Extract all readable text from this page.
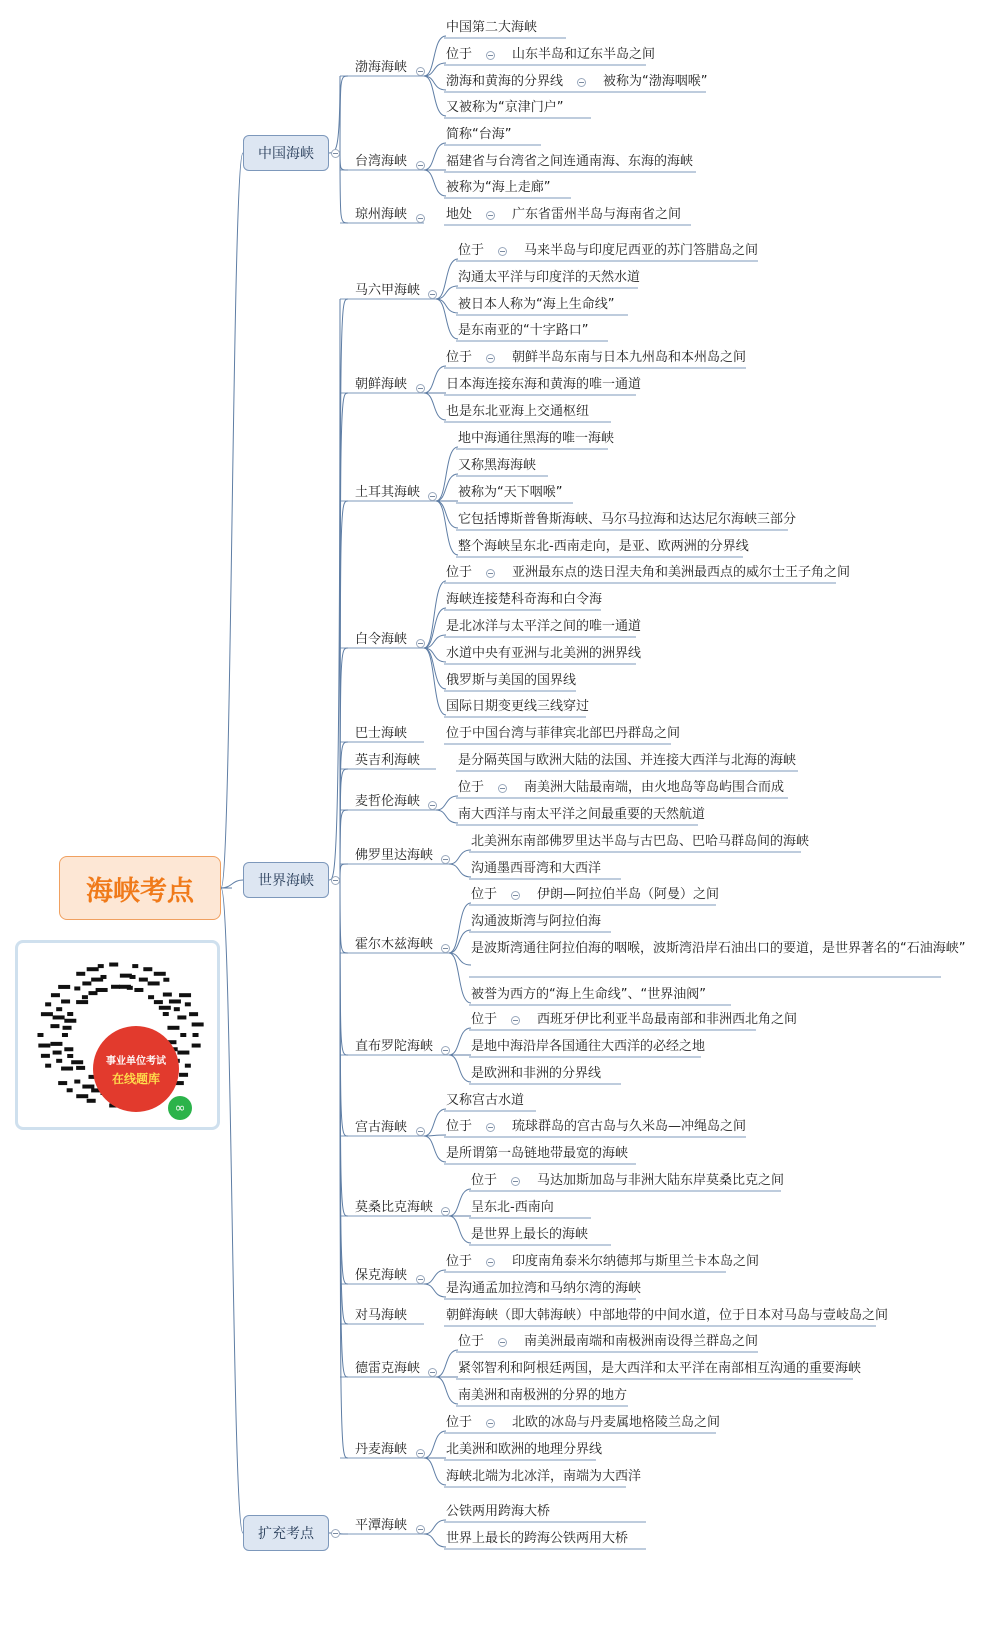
海峡考点
事业单位考试
在线题库
∞
中国海峡
渤海海峡
中国第二大海峡
位于	山东半岛和辽东半岛之间
渤海和黄海的分界线	被称为“渤海咽喉”
又被称为“京津门户”
台湾海峡
简称“台海”
福建省与台湾省之间连通南海、东海的海峡
被称为“海上走廊”
琼州海峡	地处	广东省雷州半岛与海南省之间
世界海峡
马六甲海峡
位于	马来半岛与印度尼西亚的苏门答腊岛之间
沟通太平洋与印度洋的天然水道
被日本人称为“海上生命线”
是东南亚的“十字路口”
朝鲜海峡
位于	朝鲜半岛东南与日本九州岛和本州岛之间
日本海连接东海和黄海的唯一通道
也是东北亚海上交通枢纽
土耳其海峡
地中海通往黑海的唯一海峡
又称黑海海峡
被称为“天下咽喉”
它包括博斯普鲁斯海峡、马尔马拉海和达达尼尔海峡三部分
整个海峡呈东北-西南走向，是亚、欧两洲的分界线
白令海峡
位于	亚洲最东点的迭日涅夫角和美洲最西点的威尔士王子角之间
海峡连接楚科奇海和白令海
是北冰洋与太平洋之间的唯一通道
水道中央有亚洲与北美洲的洲界线
俄罗斯与美国的国界线
国际日期变更线三线穿过
巴士海峡	位于中国台湾与菲律宾北部巴丹群岛之间
英吉利海峡	是分隔英国与欧洲大陆的法国、并连接大西洋与北海的海峡
麦哲伦海峡
位于	南美洲大陆最南端，由火地岛等岛屿围合而成
南大西洋与南太平洋之间最重要的天然航道
佛罗里达海峡
北美洲东南部佛罗里达半岛与古巴岛、巴哈马群岛间的海峡
沟通墨西哥湾和大西洋
霍尔木兹海峡
位于	伊朗—阿拉伯半岛（阿曼）之间
沟通波斯湾与阿拉伯海
是波斯湾通往阿拉伯海的咽喉，波斯湾沿岸石油出口的要道，是世界著名的“石油海峡”
被誉为西方的“海上生命线”、“世界油阀”
直布罗陀海峡
位于	西班牙伊比利亚半岛最南部和非洲西北角之间
是地中海沿岸各国通往大西洋的必经之地
是欧洲和非洲的分界线
宫古海峡
又称宫古水道
位于	琉球群岛的宫古岛与久米岛—冲绳岛之间
是所谓第一岛链地带最宽的海峡
莫桑比克海峡
位于	马达加斯加岛与非洲大陆东岸莫桑比克之间
呈东北-西南向
是世界上最长的海峡
保克海峡
位于	印度南角泰米尔纳德邦与斯里兰卡本岛之间
是沟通孟加拉湾和马纳尔湾的海峡
对马海峡	朝鲜海峡（即大韩海峡）中部地带的中间水道，位于日本对马岛与壹岐岛之间
德雷克海峡
位于	南美洲最南端和南极洲南设得兰群岛之间
紧邻智利和阿根廷两国，是大西洋和太平洋在南部相互沟通的重要海峡
南美洲和南极洲的分界的地方
丹麦海峡
位于	北欧的冰岛与丹麦属地格陵兰岛之间
北美洲和欧洲的地理分界线
海峡北端为北冰洋，南端为大西洋
扩充考点
平潭海峡
公铁两用跨海大桥
世界上最长的跨海公铁两用大桥
